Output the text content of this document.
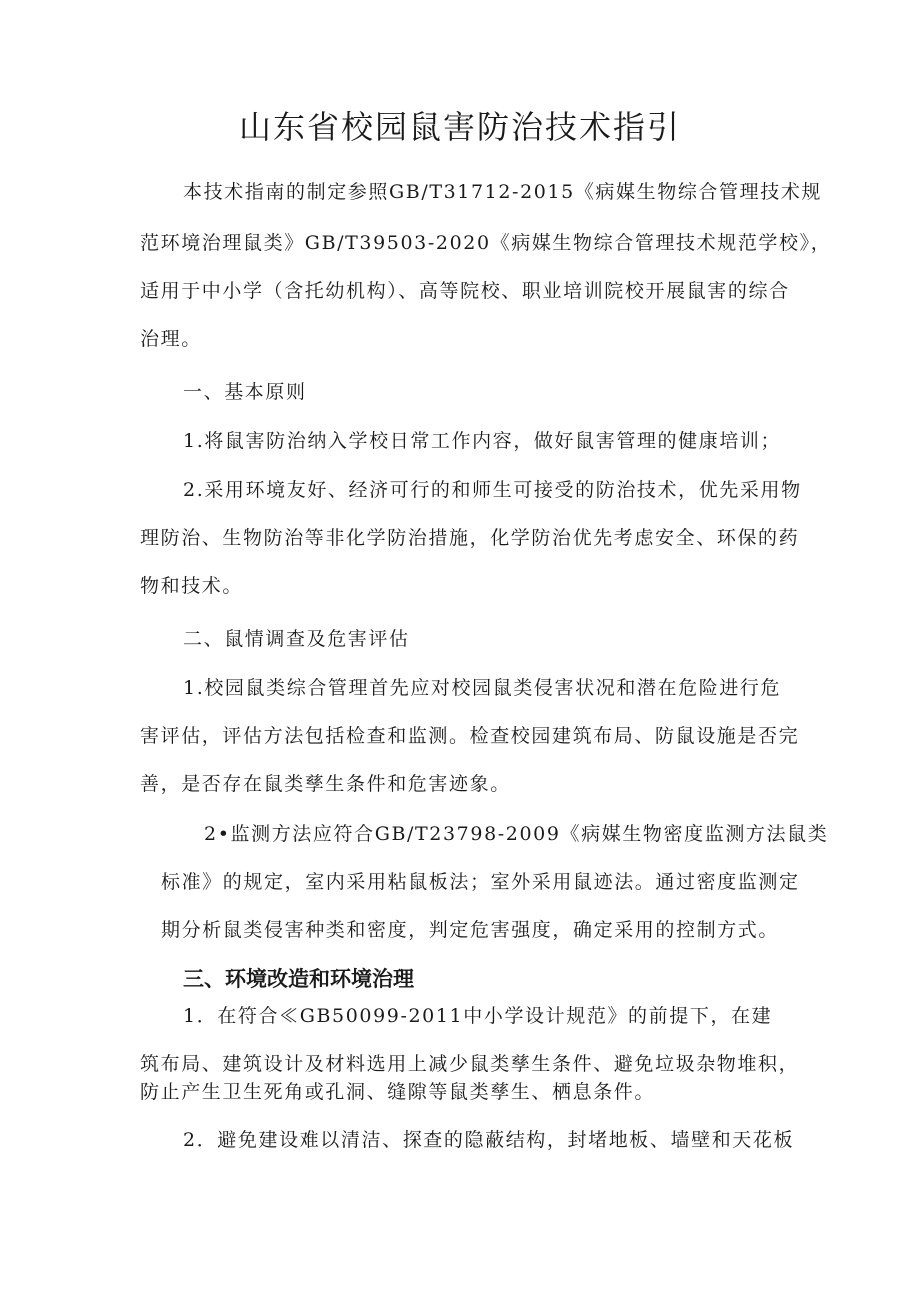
山东省校园鼠害防治技术指引

本技术指南的制定参照GB/T31712-2015《病媒生物综合管理技术规

范环境治理鼠类》GB/T39503-2020《病媒生物综合管理技术规范学校》，

适用于中小学（含托幼机构）、高等院校、职业培训院校开展鼠害的综合

治理。

一、基本原则

1.将鼠害防治纳入学校日常工作内容，做好鼠害管理的健康培训；

2.采用环境友好、经济可行的和师生可接受的防治技术，优先采用物

理防治、生物防治等非化学防治措施，化学防治优先考虑安全、环保的药

物和技术。

二、鼠情调查及危害评估

1.校园鼠类综合管理首先应对校园鼠类侵害状况和潜在危险进行危

害评估，评估方法包括检查和监测。检查校园建筑布局、防鼠设施是否完

善，是否存在鼠类孳生条件和危害迹象。

2•监测方法应符合GB/T23798-2009《病媒生物密度监测方法鼠类

标准》的规定，室内采用粘鼠板法；室外采用鼠迹法。通过密度监测定

期分析鼠类侵害种类和密度，判定危害强度，确定采用的控制方式。

三、环境改造和环境治理

1．在符合≪GB50099-2011中小学设计规范》的前提下，在建

筑布局、建筑设计及材料选用上减少鼠类孳生条件、避免垃圾杂物堆积，

防止产生卫生死角或孔洞、缝隙等鼠类孳生、栖息条件。

2．避免建设难以清洁、探查的隐蔽结构，封堵地板、墙壁和天花板
